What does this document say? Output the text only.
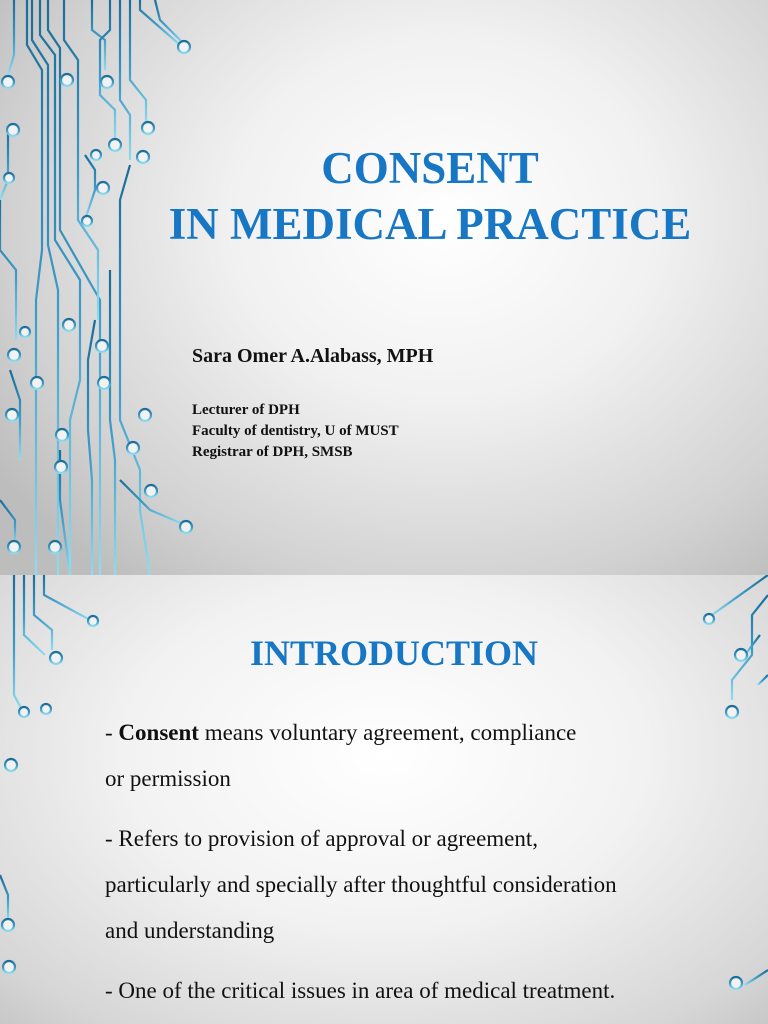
CONSENT
IN MEDICAL PRACTICE

Sara Omer A.Alabass, MPH

Lecturer of DPH
Faculty of dentistry, U of MUST
Registrar of DPH, SMSB
INTRODUCTION

- Consent means voluntary agreement, compliance
or permission

- Refers to provision of approval or agreement,
particularly and specially after thoughtful consideration
and understanding

- One of the critical issues in area of medical treatment.
